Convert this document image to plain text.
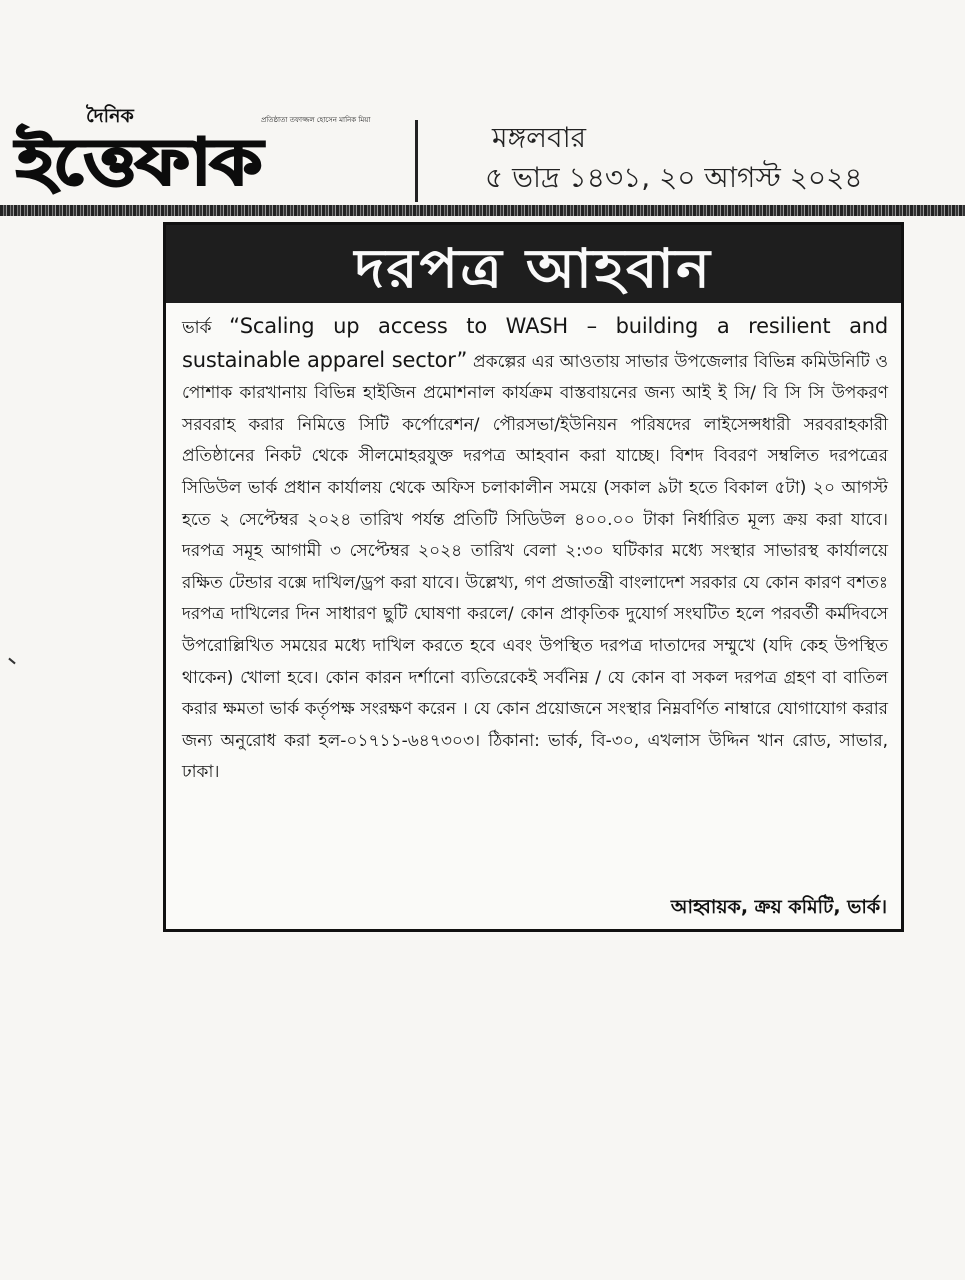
দৈনিক	প্রতিষ্ঠাতা তফাজ্জল হোসেন মানিক মিয়া
ইত্তেফাক	মঙ্গলবার
৫ ভাদ্র ১৪৩১, ২০ আগস্ট ২০২৪
দরপত্র আহবান
ভার্ক “Scaling up access to WASH – building a resilient and sustainable apparel sector” প্রকল্পের এর আওতায় সাভার উপজেলার বিভিন্ন কমিউনিটি ও পোশাক কারখানায় বিভিন্ন হাইজিন প্রমোশনাল কার্যক্রম বাস্তবায়নের জন্য আই ই সি/ বি সি সি উপকরণ সরবরাহ করার নিমিত্তে সিটি কর্পোরেশন/ পৌরসভা/ইউনিয়ন পরিষদের লাইসেন্সধারী সরবরাহকারী প্রতিষ্ঠানের নিকট থেকে সীলমোহরযুক্ত দরপত্র আহবান করা যাচ্ছে। বিশদ বিবরণ সম্বলিত দরপত্রের সিডিউল ভার্ক প্রধান কার্যালয় থেকে অফিস চলাকালীন সময়ে (সকাল ৯টা হতে বিকাল ৫টা) ২০ আগস্ট হতে ২ সেপ্টেম্বর ২০২৪ তারিখ পর্যন্ত প্রতিটি সিডিউল ৪০০.০০ টাকা নির্ধারিত মূল্য ক্রয় করা যাবে। দরপত্র সমূহ আগামী ৩ সেপ্টেম্বর ২০২৪ তারিখ বেলা ২:৩০ ঘটিকার মধ্যে সংস্থার সাভারস্থ কার্যালয়ে রক্ষিত টেন্ডার বক্সে দাখিল/ড্রপ করা যাবে। উল্লেখ্য, গণ প্রজাতন্ত্রী বাংলাদেশ সরকার যে কোন কারণ বশতঃ দরপত্র দাখিলের দিন সাধারণ ছুটি ঘোষণা করলে/ কোন প্রাকৃতিক দুযোর্গ সংঘটিত হলে পরবর্তী কর্মদিবসে উপরোল্লিখিত সময়ের মধ্যে দাখিল করতে হবে এবং উপস্থিত দরপত্র দাতাদের সম্মুখে (যদি কেহ উপস্থিত থাকেন) খোলা হবে। কোন কারন দর্শানো ব্যতিরেকেই সর্বনিম্ন / যে কোন বা সকল দরপত্র গ্রহণ বা বাতিল করার ক্ষমতা ভার্ক কর্তৃপক্ষ সংরক্ষণ করেন । যে কোন প্রয়োজনে সংস্থার নিম্নবর্ণিত নাম্বারে যোগাযোগ করার জন্য অনুরোধ করা হল-০১৭১১-৬৪৭৩০৩। ঠিকানা: ভার্ক, বি-৩০, এখলাস উদ্দিন খান রোড, সাভার, ঢাকা।
আহ্বায়ক, ক্রয় কমিটি, ভার্ক।
